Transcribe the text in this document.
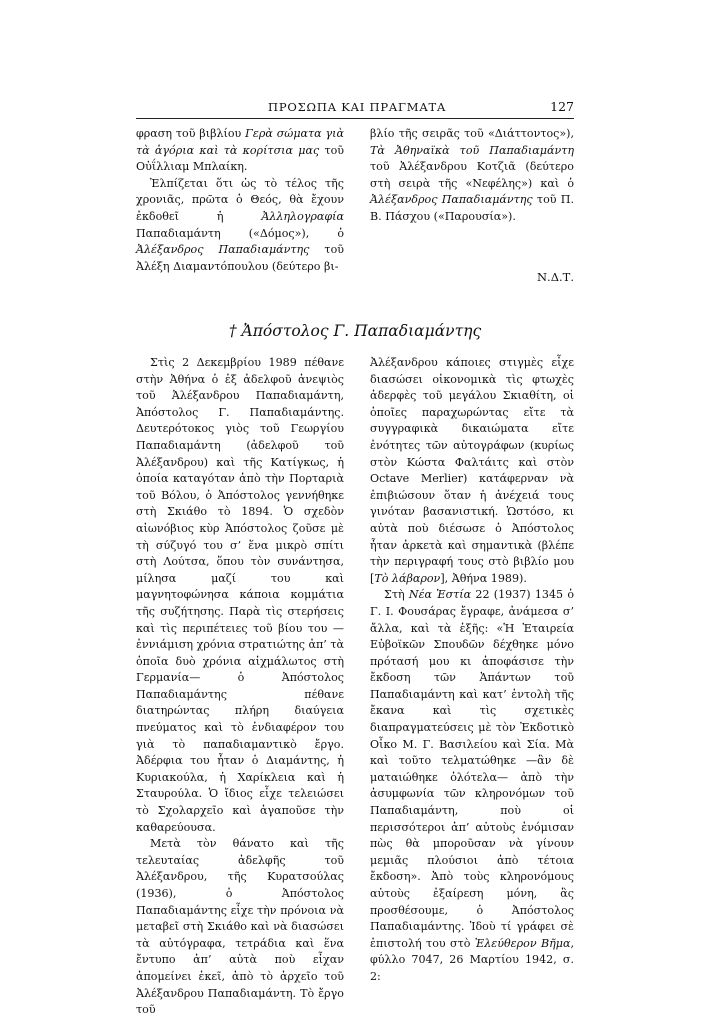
ΠΡΟΣΩΠΑ ΚΑΙ ΠΡΑΓΜΑΤΑ	127

φραση τοῦ βιβλίου Γερὰ σώματα γιὰ τὰ ἀγόρια καὶ τὰ κορίτσια μας τοῦ Οὐΐλλιαμ Μπλαίκη.

Ἐλπίζεται ὅτι ὡς τὸ τέλος τῆς χρονιᾶς, πρῶτα ὁ Θεός, θὰ ἔχουν ἐκδοθεῖ ἡ Ἀλληλογραφία Παπαδιαμάντη («Δόμος»), ὁ Ἀλέξανδρος Παπαδιαμάντης τοῦ Ἀλέξη Διαμαντόπουλου (δεύτερο βι-

βλίο τῆς σειρᾶς τοῦ «Διάττοντος»), Τὰ Ἀθηναϊκὰ τοῦ Παπαδιαμάντη τοῦ Ἀλέξανδρου Κοτζιᾶ (δεύτερο στὴ σειρὰ τῆς «Νεφέλης») καὶ ὁ Ἀλέξανδρος Παπαδιαμάντης τοῦ Π. Β. Πάσχου («Παρουσία»).

Ν.Δ.Τ.
† Ἀπόστολος Γ. Παπαδιαμάντης

Στὶς 2 Δεκεμβρίου 1989 πέθανε στὴν Ἀθήνα ὁ ἐξ ἀδελφοῦ ἀνεψιὸς τοῦ Ἀλέξανδρου Παπαδιαμάντη, Ἀπόστολος Γ. Παπαδιαμάντης. Δευτερότοκος γιὸς τοῦ Γεωργίου Παπαδιαμάντη (ἀδελφοῦ τοῦ Ἀλέξανδρου) καὶ τῆς Κατίγκως, ἡ ὁποία καταγόταν ἀπὸ τὴν Πορταριὰ τοῦ Βόλου, ὁ Ἀπόστολος γεννήθηκε στὴ Σκιάθο τὸ 1894. Ὁ σχεδὸν αἰωνόβιος κὺρ Ἀπόστολος ζοῦσε μὲ τὴ σύζυγό του σ’ ἕνα μικρὸ σπίτι στὴ Λούτσα, ὅπου τὸν συνάντησα, μίλησα μαζί του καὶ μαγνητοφώνησα κάποια κομμάτια τῆς συζήτησης. Παρὰ τὶς στερήσεις καὶ τὶς περιπέτειες τοῦ βίου του —ἐννιάμιση χρόνια στρατιώτης ἀπ’ τὰ ὁποῖα δυὸ χρόνια αἰχμάλωτος στὴ Γερμανία— ὁ Ἀπόστολος Παπαδιαμάντης πέθανε διατηρώντας πλήρη διαύγεια πνεύματος καὶ τὸ ἐνδιαφέρον του γιὰ τὸ παπαδιαμαντικὸ ἔργο. Ἀδέρφια του ἦταν ὁ Διαμάντης, ἡ Κυριακούλα, ἡ Χαρίκλεια καὶ ἡ Σταυρούλα. Ὁ ἴδιος εἶχε τελειώσει τὸ Σχολαρχεῖο καὶ ἀγαποῦσε τὴν καθαρεύουσα.

Μετὰ τὸν θάνατο καὶ τῆς τελευταίας ἀδελφῆς τοῦ Ἀλέξανδρου, τῆς Κυρατσούλας (1936), ὁ Ἀπόστολος Παπαδιαμάντης εἶχε τὴν πρόνοια νὰ μεταβεῖ στὴ Σκιάθο καὶ νὰ διασώσει τὰ αὐτόγραφα, τετράδια καὶ ἕνα ἔντυπο ἀπ’ αὐτὰ ποὺ εἶχαν ἀπομείνει ἐκεῖ, ἀπὸ τὸ ἀρχεῖο τοῦ Ἀλέξανδρου Παπαδιαμάντη. Τὸ ἔργο τοῦ

Ἀλέξανδρου κάποιες στιγμὲς εἶχε διασώσει οἰκονομικὰ τὶς φτωχὲς ἀδερφὲς τοῦ μεγάλου Σκιαθίτη, οἱ ὁποῖες παραχωρώντας εἴτε τὰ συγγραφικὰ δικαιώματα εἴτε ἐνότητες τῶν αὐτογράφων (κυρίως στὸν Κώστα Φαλτάιτς καὶ στὸν Octave Merlier) κατάφερναν νὰ ἐπιβιώσουν ὅταν ἡ ἀνέχειά τους γινόταν βασανιστική. Ὡστόσο, κι αὐτὰ ποὺ διέσωσε ὁ Ἀπόστολος ἦταν ἀρκετὰ καὶ σημαντικὰ (βλέπε τὴν περιγραφή τους στὸ βιβλίο μου [Τὸ λάβαρον], Ἀθήνα 1989).

Στὴ Νέα Ἑστία 22 (1937) 1345 ὁ Γ. Ι. Φουσάρας ἔγραφε, ἀνάμεσα σ’ ἄλλα, καὶ τὰ ἑξῆς: «Ἡ Ἑταιρεία Εὐβοϊκῶν Σπουδῶν δέχθηκε μόνο πρότασή μου κι ἀποφάσισε τὴν ἔκδοση τῶν Ἁπάντων τοῦ Παπαδιαμάντη καὶ κατ’ ἐντολὴ τῆς ἔκανα καὶ τὶς σχετικὲς διαπραγματεύσεις μὲ τὸν Ἐκδοτικὸ Οἶκο Μ. Γ. Βασιλείου καὶ Σία. Μὰ καὶ τοῦτο τελματώθηκε —ἂν δὲ ματαιώθηκε ὁλότελα— ἀπὸ τὴν ἀσυμφωνία τῶν κληρονόμων τοῦ Παπαδιαμάντη, ποὺ οἱ περισσότεροι ἀπ’ αὐτοὺς ἐνόμισαν πὼς θὰ μποροῦσαν νὰ γίνουν μεμιᾶς πλούσιοι ἀπὸ τέτοια ἔκδοση». Ἀπὸ τοὺς κληρονόμους αὐτοὺς ἐξαίρεση μόνη, ἃς προσθέσουμε, ὁ Ἀπόστολος Παπαδιαμάντης. Ἰδοὺ τί γράφει σὲ ἐπιστολή του στὸ Ἐλεύθερον Βῆμα, φύλλο 7047, 26 Μαρτίου 1942, σ. 2:
